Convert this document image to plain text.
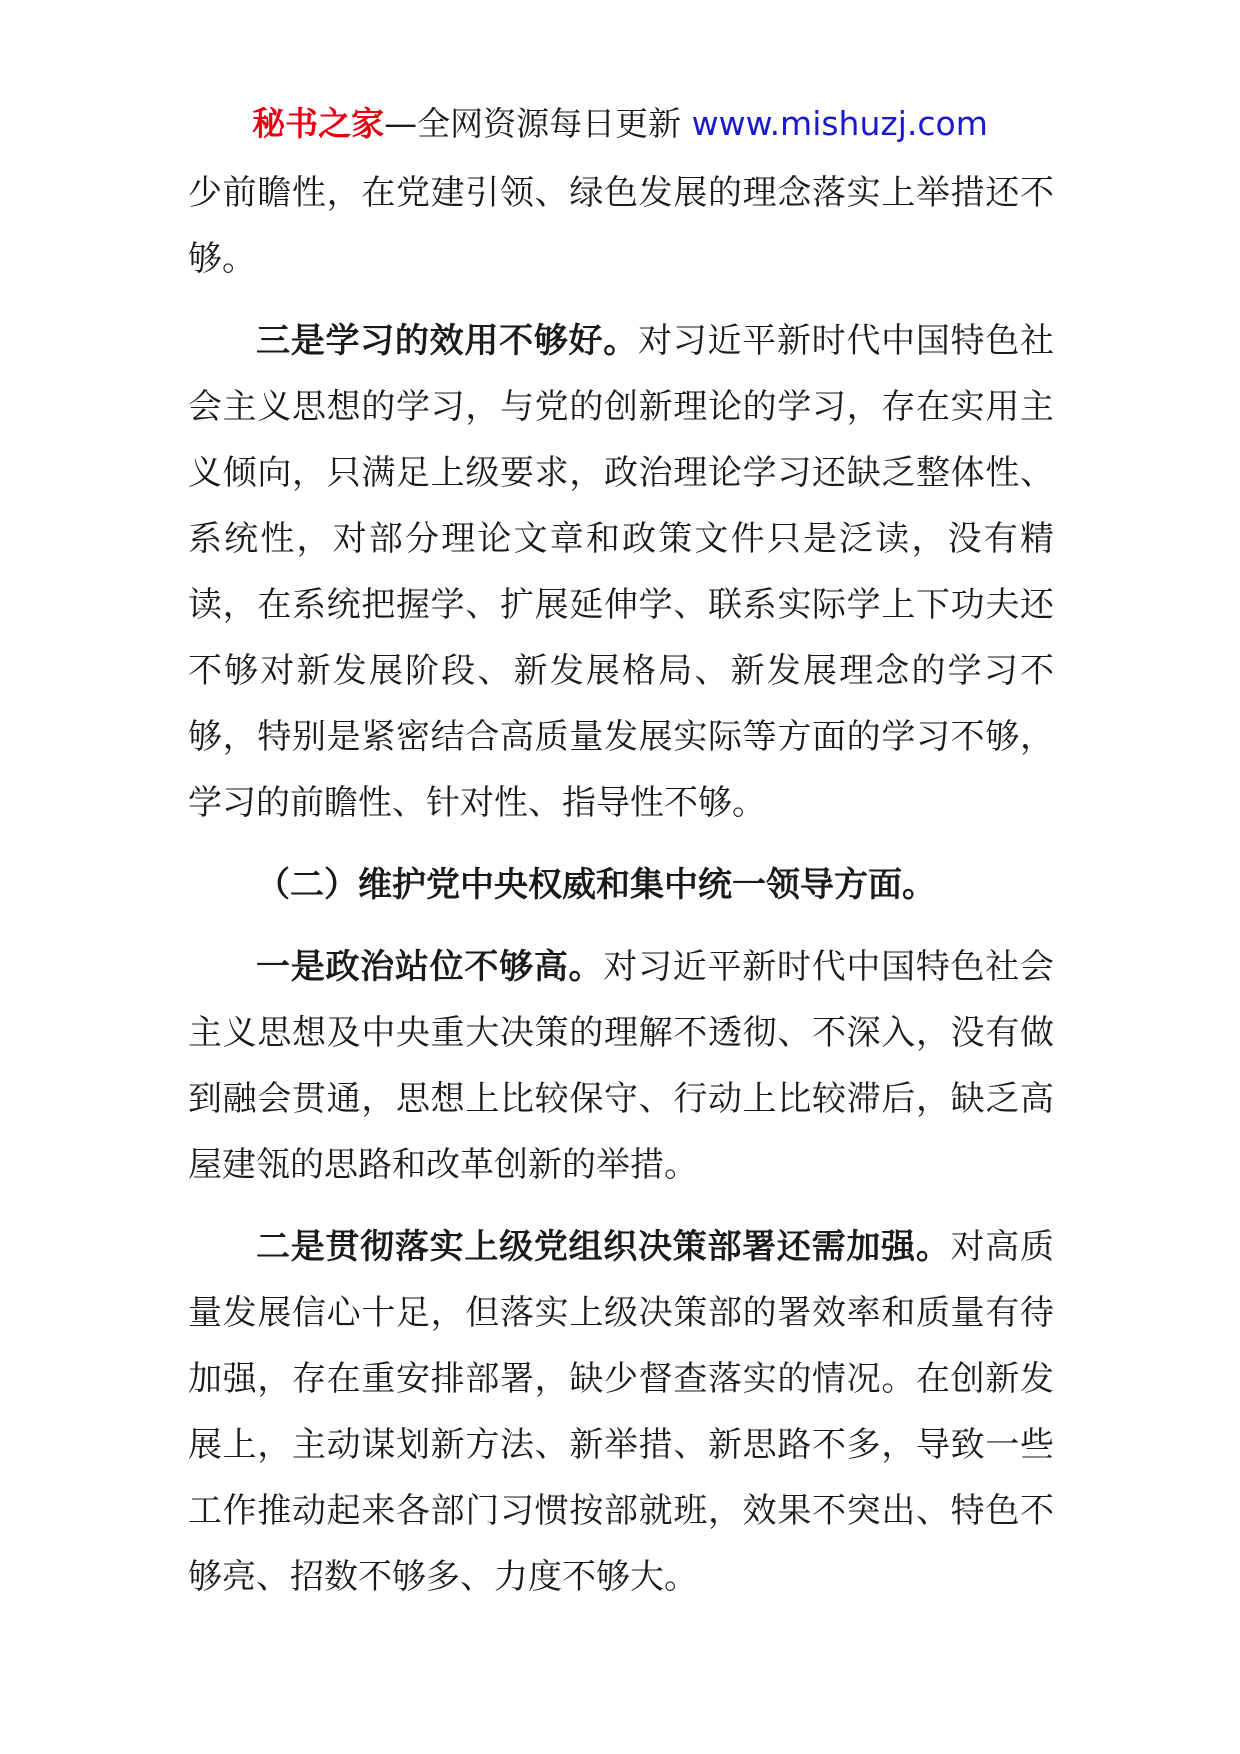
秘书之家—全网资源每日更新 www.mishuzj.com

少前瞻性，在党建引领、绿色发展的理念落实上举措还不够。

三是学习的效用不够好。对习近平新时代中国特色社会主义思想的学习，与党的创新理论的学习，存在实用主义倾向，只满足上级要求，政治理论学习还缺乏整体性、系统性，对部分理论文章和政策文件只是泛读，没有精读，在系统把握学、扩展延伸学、联系实际学上下功夫还不够对新发展阶段、新发展格局、新发展理念的学习不够，特别是紧密结合高质量发展实际等方面的学习不够，学习的前瞻性、针对性、指导性不够。

（二）维护党中央权威和集中统一领导方面。

一是政治站位不够高。对习近平新时代中国特色社会主义思想及中央重大决策的理解不透彻、不深入，没有做到融会贯通，思想上比较保守、行动上比较滞后，缺乏高屋建瓴的思路和改革创新的举措。

二是贯彻落实上级党组织决策部署还需加强。对高质量发展信心十足，但落实上级决策部的署效率和质量有待加强，存在重安排部署，缺少督查落实的情况。在创新发展上，主动谋划新方法、新举措、新思路不多，导致一些工作推动起来各部门习惯按部就班，效果不突出、特色不够亮、招数不够多、力度不够大。
